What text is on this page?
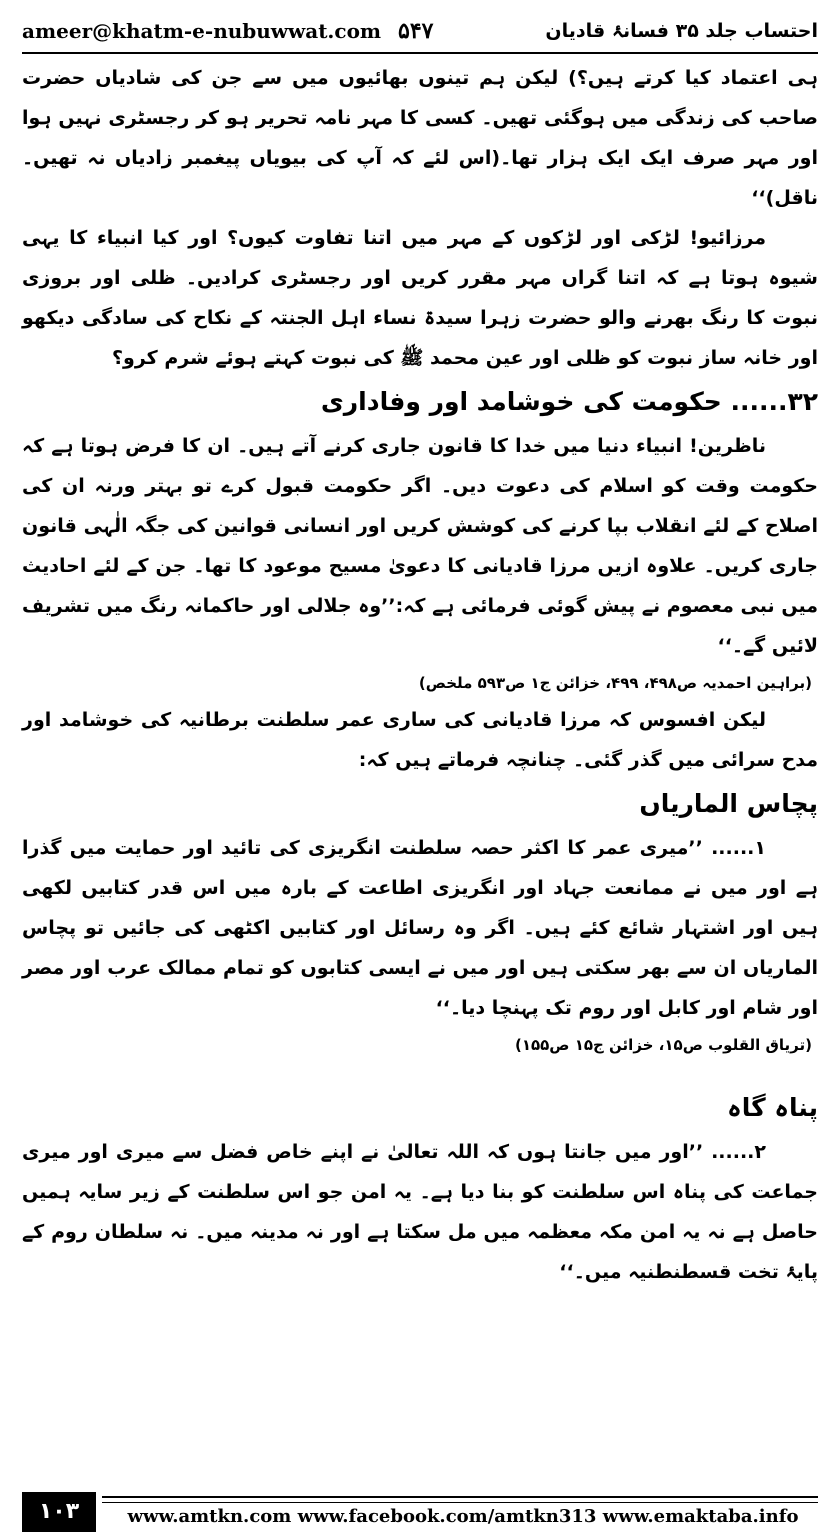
ameer@khatm-e-nubuwwat.com ۵۴۷	احتساب جلد ۳۵ فسانۂ قادیان

ہی اعتماد کیا کرتے ہیں؟) لیکن ہم تینوں بھائیوں میں سے جن کی شادیاں حضرت صاحب کی زندگی میں ہوگئی تھیں۔ کسی کا مہر نامہ تحریر ہو کر رجسٹری نہیں ہوا اور مہر صرف ایک ایک ہزار تھا۔(اس لئے کہ آپ کی بیویاں پیغمبر زادیاں نہ تھیں۔ ناقل)‘‘

مرزائیو! لڑکی اور لڑکوں کے مہر میں اتنا تفاوت کیوں؟ اور کیا انبیاء کا یہی شیوہ ہوتا ہے کہ اتنا گراں مہر مقرر کریں اور رجسٹری کرادیں۔ ظلی اور بروزی نبوت کا رنگ بھرنے والو حضرت زہرا سیدۃ نساء اہل الجنتہ کے نکاح کی سادگی دیکھو اور خانہ ساز نبوت کو ظلی اور عین محمد ﷺ کی نبوت کہتے ہوئے شرم کرو؟

۳۲...... حکومت کی خوشامد اور وفاداری

ناظرین! انبیاء دنیا میں خدا کا قانون جاری کرنے آتے ہیں۔ ان کا فرض ہوتا ہے کہ حکومت وقت کو اسلام کی دعوت دیں۔ اگر حکومت قبول کرے تو بہتر ورنہ ان کی اصلاح کے لئے انقلاب بپا کرنے کی کوشش کریں اور انسانی قوانین کی جگہ الٰہی قانون جاری کریں۔ علاوہ ازیں مرزا قادیانی کا دعویٰ مسیح موعود کا تھا۔ جن کے لئے احادیث میں نبی معصوم نے پیش گوئی فرمائی ہے کہ:’’وہ جلالی اور حاکمانہ رنگ میں تشریف لائیں گے۔‘‘

(براہین احمدیہ ص۴۹۸، ۴۹۹، خزائن ج۱ ص۵۹۳ ملخص)

لیکن افسوس کہ مرزا قادیانی کی ساری عمر سلطنت برطانیہ کی خوشامد اور مدح سرائی میں گذر گئی۔ چنانچہ فرماتے ہیں کہ:

پچاس الماریاں

۱...... ’’میری عمر کا اکثر حصہ سلطنت انگریزی کی تائید اور حمایت میں گذرا ہے اور میں نے ممانعت جہاد اور انگریزی اطاعت کے بارہ میں اس قدر کتابیں لکھی ہیں اور اشتہار شائع کئے ہیں۔ اگر وہ رسائل اور کتابیں اکٹھی کی جائیں تو پچاس الماریاں ان سے بھر سکتی ہیں اور میں نے ایسی کتابوں کو تمام ممالک عرب اور مصر اور شام اور کابل اور روم تک پہنچا دیا۔‘‘

(تریاق القلوب ص۱۵، خزائن ج۱۵ ص۱۵۵)

پناہ گاہ

۲...... ’’اور میں جانتا ہوں کہ اللہ تعالیٰ نے اپنے خاص فضل سے میری اور میری جماعت کی پناہ اس سلطنت کو بنا دیا ہے۔ یہ امن جو اس سلطنت کے زیر سایہ ہمیں حاصل ہے نہ یہ امن مکہ معظمہ میں مل سکتا ہے اور نہ مدینہ میں۔ نہ سلطان روم کے پایۂ تخت قسطنطنیہ میں۔‘‘

۱۰۳	www.amtkn.com www.facebook.com/amtkn313 www.emaktaba.info
